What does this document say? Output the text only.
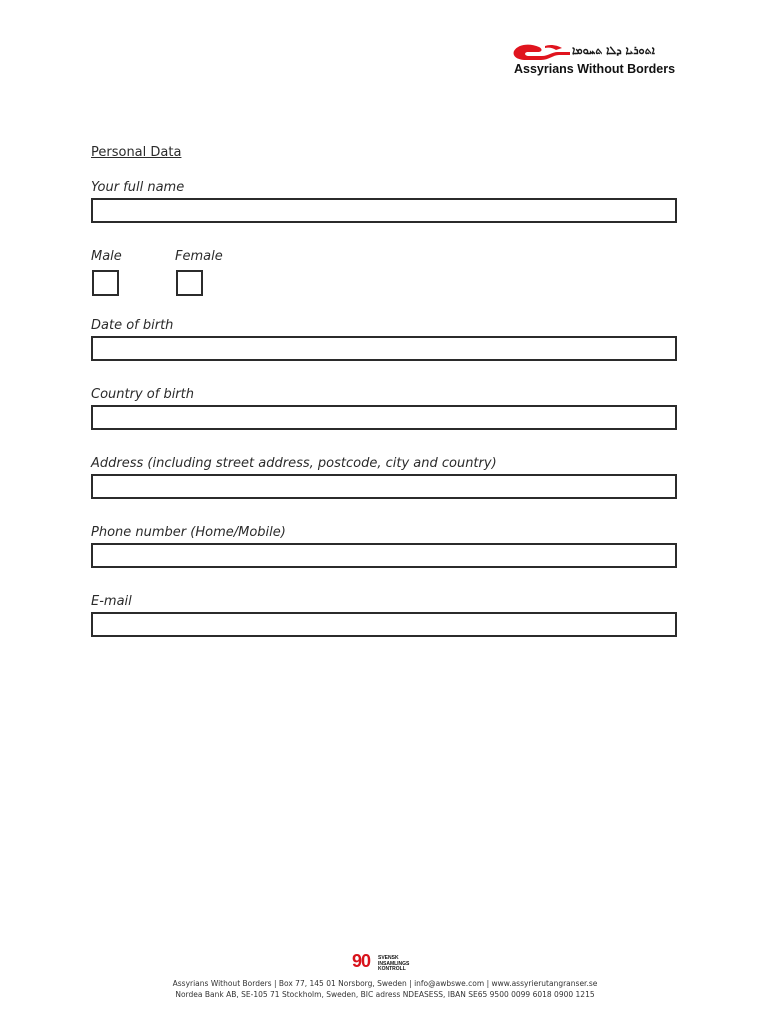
ܐܬܘܪܝܐ ܕܠܐ ܬܚܘܡܐ
Assyrians Without Borders
Personal Data
Your full name
Male	Female
Date of birth
Country of birth
Address (including street address, postcode, city and country)
Phone number (Home/Mobile)
E-mail
90 SVENSK
INSAMLINGS
KONTROLL
Assyrians Without Borders | Box 77, 145 01 Norsborg, Sweden | info@awbswe.com | www.assyrierutangranser.se
Nordea Bank AB, SE-105 71 Stockholm, Sweden, BIC adress NDEASESS, IBAN SE65 9500 0099 6018 0900 1215
